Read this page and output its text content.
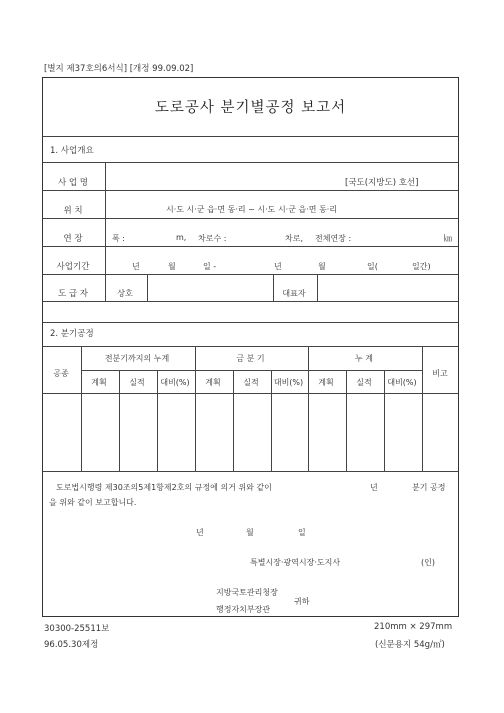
[별지 제37호의6서식] [개정 99.09.02]
도로공사 분기별공정 보고서
1. 사업개요
사 업 명	[국도(지방도) 호선]
위 치	시·도 시·군 읍·면 동·리 ~ 시·도 시·군 읍·면 동·리
연 장	폭 :	m, 차로수 :	차로, 전체연장 :	㎞
사업기간	년	월	일 -	년	월	일(	일간)
도 급 자	상호	대표자
2. 분기공정
공종	비고
전분기까지의 누계	금 분 기	누 계
계획	실적	대비(%)	계획	실적	대비(%)	계획	실적	대비(%)
도로법시행령 제30조의5제1항제2호의 규정에 의거 위와 같이	년	분기 공정
을 위와 같이 보고합니다.
년	월	일
특별시장·광역시장·도지사	(인)
지방국토관리청장
행정자치부장관
귀하
30300-25511보
96.05.30제정
210mm × 297mm
(신문용지 54g/㎡)
